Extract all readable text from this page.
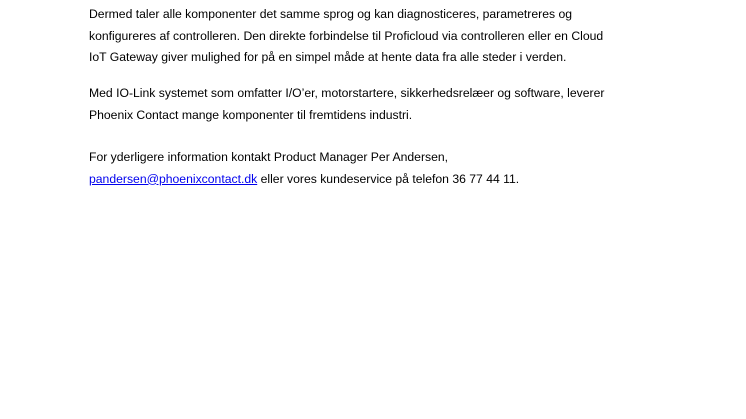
Dermed taler alle komponenter det samme sprog og kan diagnosticeres, parametreres og
konfigureres af controlleren. Den direkte forbindelse til Proficloud via controlleren eller en Cloud
IoT Gateway giver mulighed for på en simpel måde at hente data fra alle steder i verden.
Med IO-Link systemet som omfatter I/O’er, motorstartere, sikkerhedsrelæer og software, leverer
Phoenix Contact mange komponenter til fremtidens industri.
For yderligere information kontakt Product Manager Per Andersen,
pandersen@phoenixcontact.dk eller vores kundeservice på telefon 36 77 44 11.
